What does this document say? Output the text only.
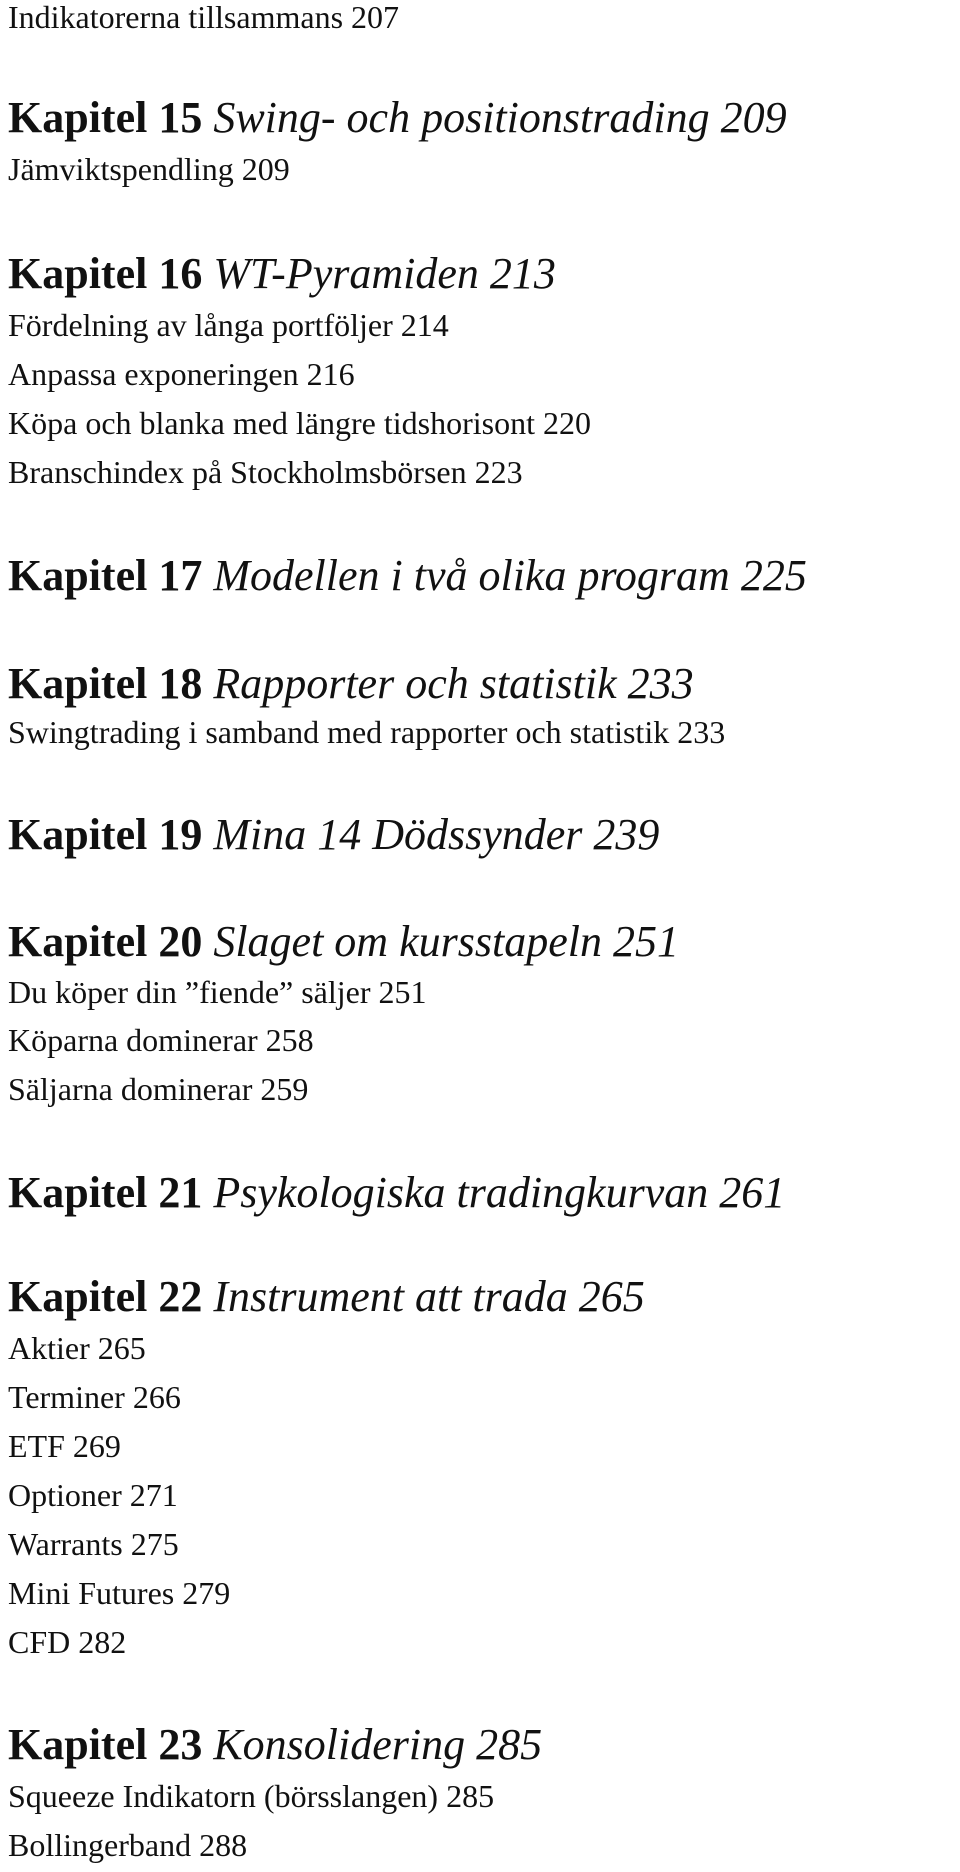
Indikatorerna tillsammans 207
Kapitel 15 Swing- och positionstrading 209
Jämviktspendling 209
Kapitel 16 WT-Pyramiden 213
Fördelning av långa portföljer 214
Anpassa exponeringen 216
Köpa och blanka med längre tidshorisont 220
Branschindex på Stockholmsbörsen 223
Kapitel 17 Modellen i två olika program 225
Kapitel 18 Rapporter och statistik 233
Swingtrading i samband med rapporter och statistik 233
Kapitel 19 Mina 14 Dödssynder 239
Kapitel 20 Slaget om kursstapeln 251
Du köper din ”fiende” säljer 251
Köparna dominerar 258
Säljarna dominerar 259
Kapitel 21 Psykologiska tradingkurvan 261
Kapitel 22 Instrument att trada 265
Aktier 265
Terminer 266
ETF 269
Optioner 271
Warrants 275
Mini Futures 279
CFD 282
Kapitel 23 Konsolidering 285
Squeeze Indikatorn (börsslangen) 285
Bollingerband 288
